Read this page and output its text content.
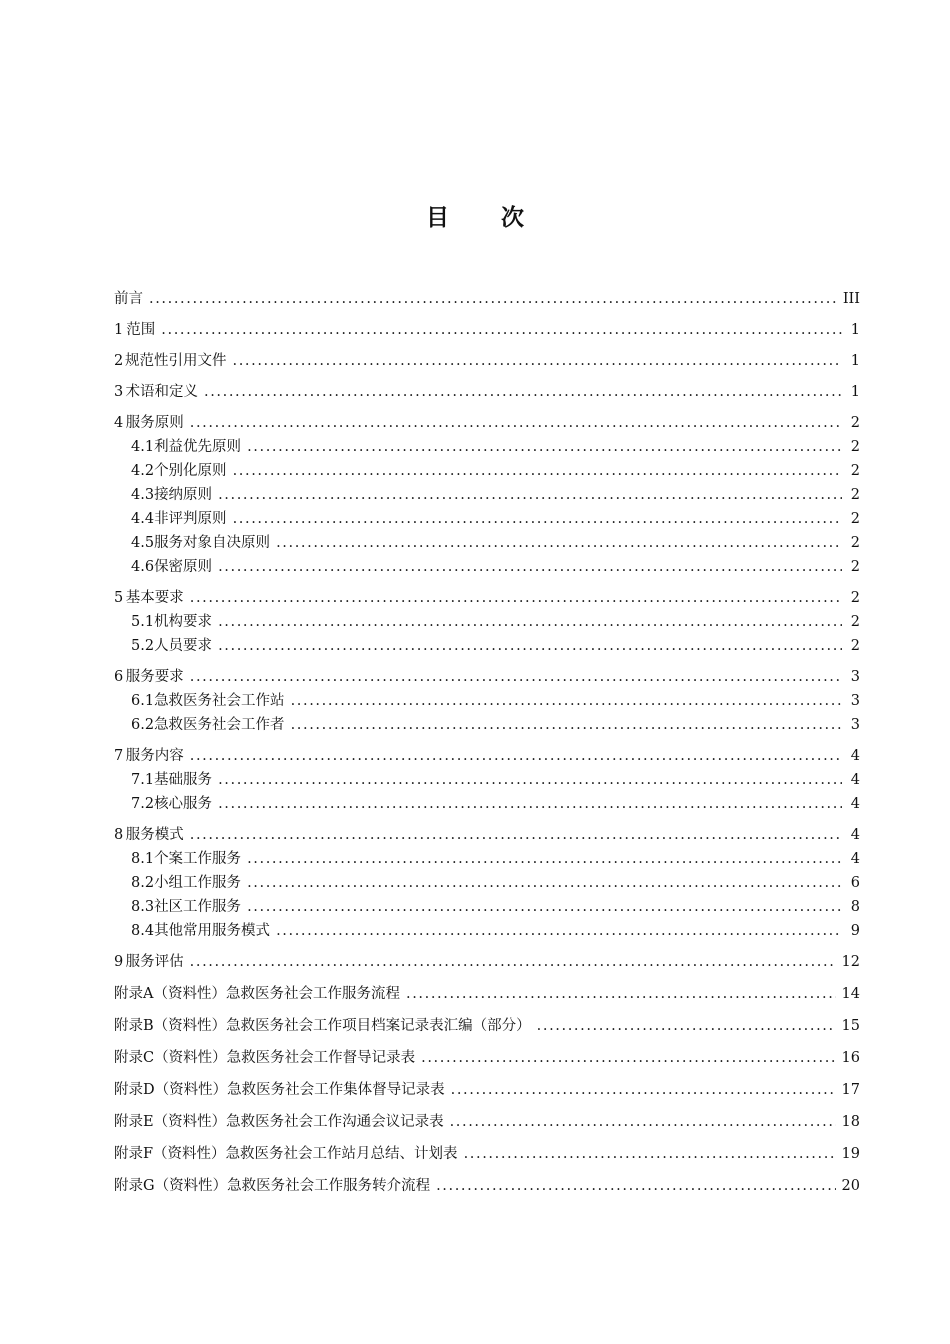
目 次
前言 .....	III
1 范围 .....	1
2 规范性引用文件 .....	1
3 术语和定义 .....	1
4 服务原则 .....	2
4.1 利益优先原则 .....	2
4.2 个别化原则 .....	2
4.3 接纳原则 .....	2
4.4 非评判原则 .....	2
4.5 服务对象自决原则 .....	2
4.6 保密原则 .....	2
5 基本要求 .....	2
5.1 机构要求 .....	2
5.2 人员要求 .....	2
6 服务要求 .....	3
6.1 急救医务社会工作站 .....	3
6.2 急救医务社会工作者 .....	3
7 服务内容 .....	4
7.1 基础服务 .....	4
7.2 核心服务 .....	4
8 服务模式 .....	4
8.1 个案工作服务 .....	4
8.2 小组工作服务 .....	6
8.3 社区工作服务 .....	8
8.4 其他常用服务模式 .....	9
9 服务评估 .....	12
附录A（资料性） 急救医务社会工作服务流程 .....	14
附录B（资料性） 急救医务社会工作项目档案记录表汇编（部分） .....	15
附录C（资料性） 急救医务社会工作督导记录表 .....	16
附录D（资料性） 急救医务社会工作集体督导记录表 .....	17
附录E（资料性） 急救医务社会工作沟通会议记录表 .....	18
附录F（资料性） 急救医务社会工作站月总结、计划表 .....	19
附录G（资料性） 急救医务社会工作服务转介流程 .....	20
